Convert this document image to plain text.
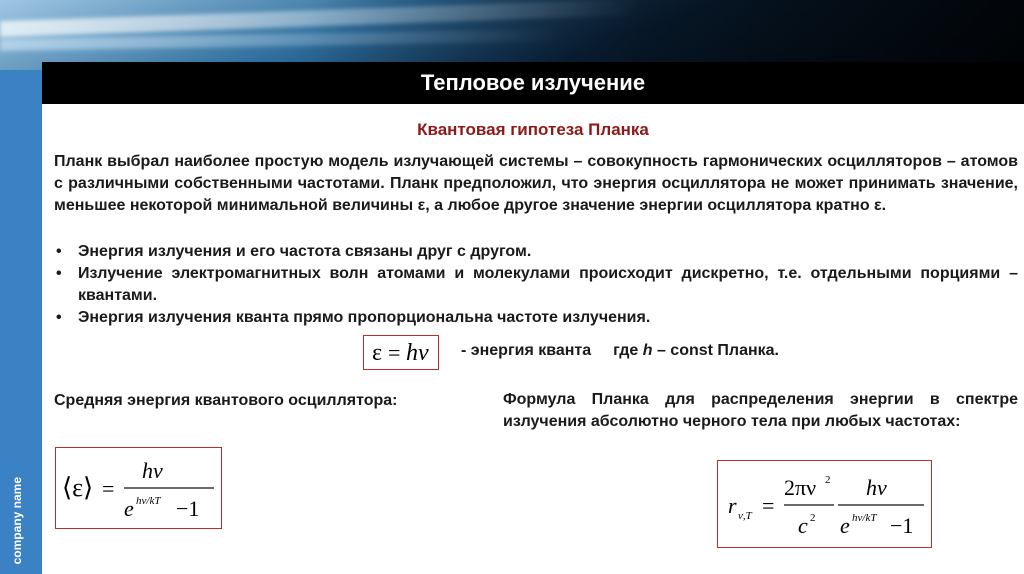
company name
Тепловое излучение
Квантовая гипотеза Планка
Планк выбрал наиболее простую модель излучающей системы – совокупность гармонических осцилляторов – атомов с различными собственными частотами. Планк предположил, что энергия осциллятора не может принимать значение, меньшее некоторой минимальной величины ε, а любое другое значение энергии осциллятора кратно ε.
• Энергия излучения и его частота связаны друг с другом.
• Излучение электромагнитных волн атомами и молекулами происходит дискретно, т.е. отдельными порциями – квантами.
• Энергия излучения кванта прямо пропорциональна частоте излучения.
ε = hν - энергия кванта где h – const Планка.
Средняя энергия квантового осциллятора:
⟨ε⟩ =
hν
e hν/kT −1
Формула Планка для распределения энергии в спектре излучения абсолютно черного тела при любых частотах:
r ν,T =
2πν 2
c 2
hν
e hν/kT −1
